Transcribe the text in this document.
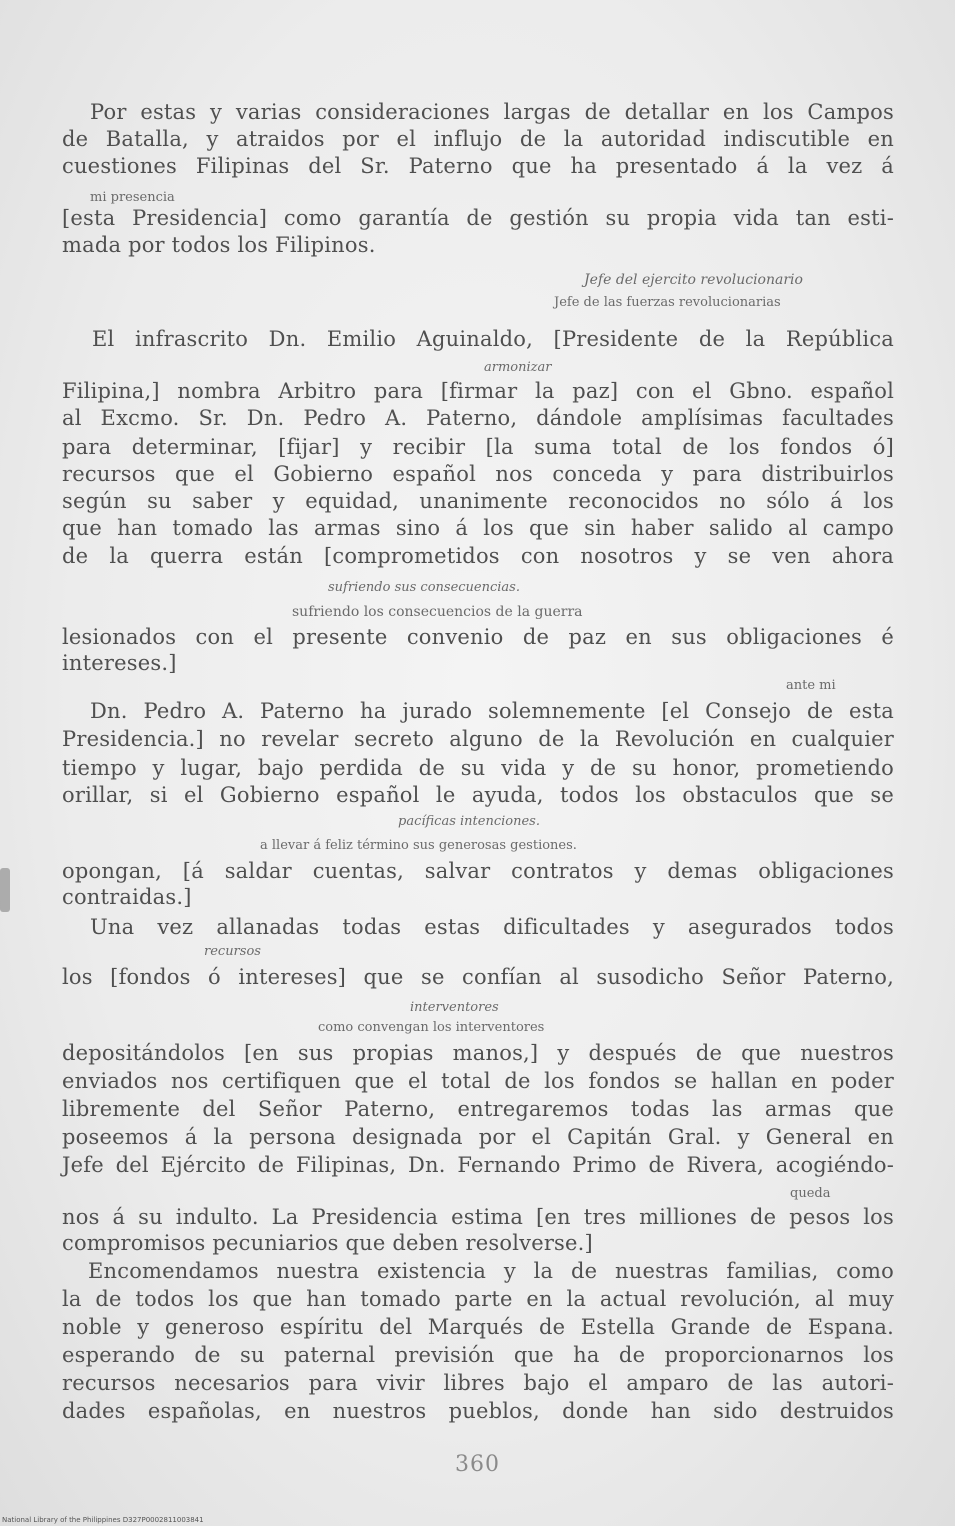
Por estas y varias consideraciones largas de detallar en los Campos
de Batalla, y atraidos por el influjo de la autoridad indiscutible en
cuestiones Filipinas del Sr. Paterno que ha presentado á la vez á
mi presencia
[esta Presidencia] como garantía de gestión su propia vida tan esti-
mada por todos los Filipinos.
Jefe del ejercito revolucionario
Jefe de las fuerzas revolucionarias
El infrascrito Dn. Emilio Aguinaldo, [Presidente de la República
armonizar
Filipina,] nombra Arbitro para [firmar la paz] con el Gbno. español
al Excmo. Sr. Dn. Pedro A. Paterno, dándole amplísimas facultades
para determinar, [fijar] y recibir [la suma total de los fondos ó]
recursos que el Gobierno español nos conceda y para distribuirlos
según su saber y equidad, unanimente reconocidos no sólo á los
que han tomado las armas sino á los que sin haber salido al campo
de la querra están [comprometidos con nosotros y se ven ahora
sufriendo sus consecuencias.
sufriendo los consecuencios de la guerra
lesionados con el presente convenio de paz en sus obligaciones é
intereses.]
ante mi
Dn. Pedro A. Paterno ha jurado solemnemente [el Consejo de esta
Presidencia.] no revelar secreto alguno de la Revolución en cualquier
tiempo y lugar, bajo perdida de su vida y de su honor, prometiendo
orillar, si el Gobierno español le ayuda, todos los obstaculos que se
pacíficas intenciones.
a llevar á feliz término sus generosas gestiones.
opongan, [á saldar cuentas, salvar contratos y demas obligaciones
contraidas.]
Una vez allanadas todas estas dificultades y asegurados todos
recursos
los [fondos ó intereses] que se confían al susodicho Señor Paterno,
interventores
como convengan los interventores
depositándolos [en sus propias manos,] y después de que nuestros
enviados nos certifiquen que el total de los fondos se hallan en poder
libremente del Señor Paterno, entregaremos todas las armas que
poseemos á la persona designada por el Capitán Gral. y General en
Jefe del Ejército de Filipinas, Dn. Fernando Primo de Rivera, acogiéndo-
queda
nos á su indulto. La Presidencia estima [en tres milliones de pesos los
compromisos pecuniarios que deben resolverse.]
Encomendamos nuestra existencia y la de nuestras familias, como
la de todos los que han tomado parte en la actual revolución, al muy
noble y generoso espíritu del Marqués de Estella Grande de Espana.
esperando de su paternal previsión que ha de proporcionarnos los
recursos necesarios para vivir libres bajo el amparo de las autori-
dades españolas, en nuestros pueblos, donde han sido destruidos
360
National Library of the Philippines D327P0002811003841
